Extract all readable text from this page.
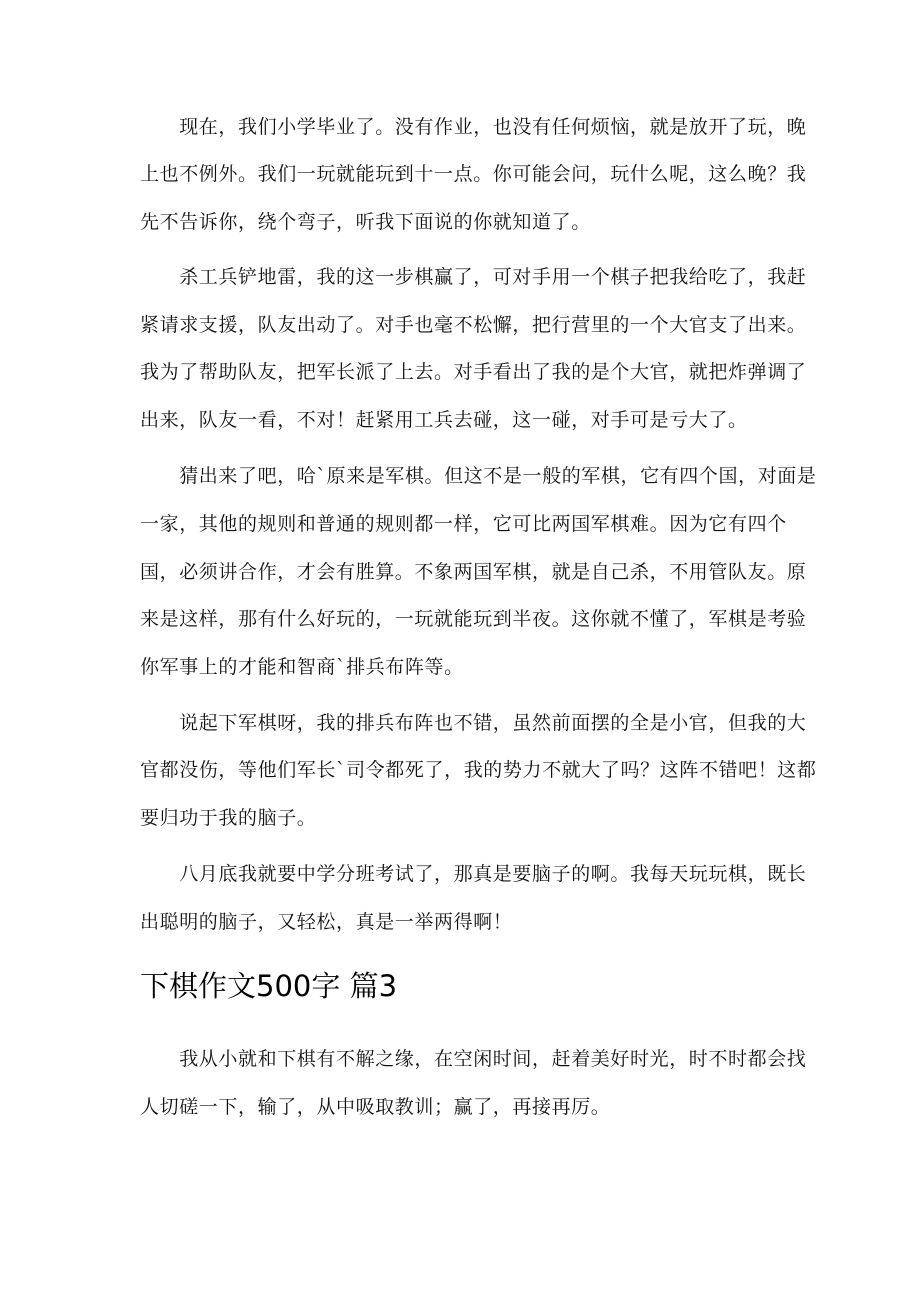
　　现在，我们小学毕业了。没有作业，也没有任何烦恼，就是放开了玩，晚
上也不例外。我们一玩就能玩到十一点。你可能会问，玩什么呢，这么晚？我
先不告诉你，绕个弯子，听我下面说的你就知道了。
　　杀工兵铲地雷，我的这一步棋赢了，可对手用一个棋子把我给吃了，我赶
紧请求支援，队友出动了。对手也毫不松懈，把行营里的一个大官支了出来。
我为了帮助队友，把军长派了上去。对手看出了我的是个大官，就把炸弹调了
出来，队友一看，不对！赶紧用工兵去碰，这一碰，对手可是亏大了。
　　猜出来了吧，哈`原来是军棋。但这不是一般的军棋，它有四个国，对面是
一家，其他的规则和普通的规则都一样，它可比两国军棋难。因为它有四个
国，必须讲合作，才会有胜算。不象两国军棋，就是自己杀，不用管队友。原
来是这样，那有什么好玩的，一玩就能玩到半夜。这你就不懂了，军棋是考验
你军事上的才能和智商`排兵布阵等。
　　说起下军棋呀，我的排兵布阵也不错，虽然前面摆的全是小官，但我的大
官都没伤，等他们军长`司令都死了，我的势力不就大了吗？这阵不错吧！这都
要归功于我的脑子。
　　八月底我就要中学分班考试了，那真是要脑子的啊。我每天玩玩棋，既长
出聪明的脑子，又轻松，真是一举两得啊！
下棋作文500字 篇3
　　我从小就和下棋有不解之缘，在空闲时间，赶着美好时光，时不时都会找
人切磋一下，输了，从中吸取教训；赢了，再接再厉。
